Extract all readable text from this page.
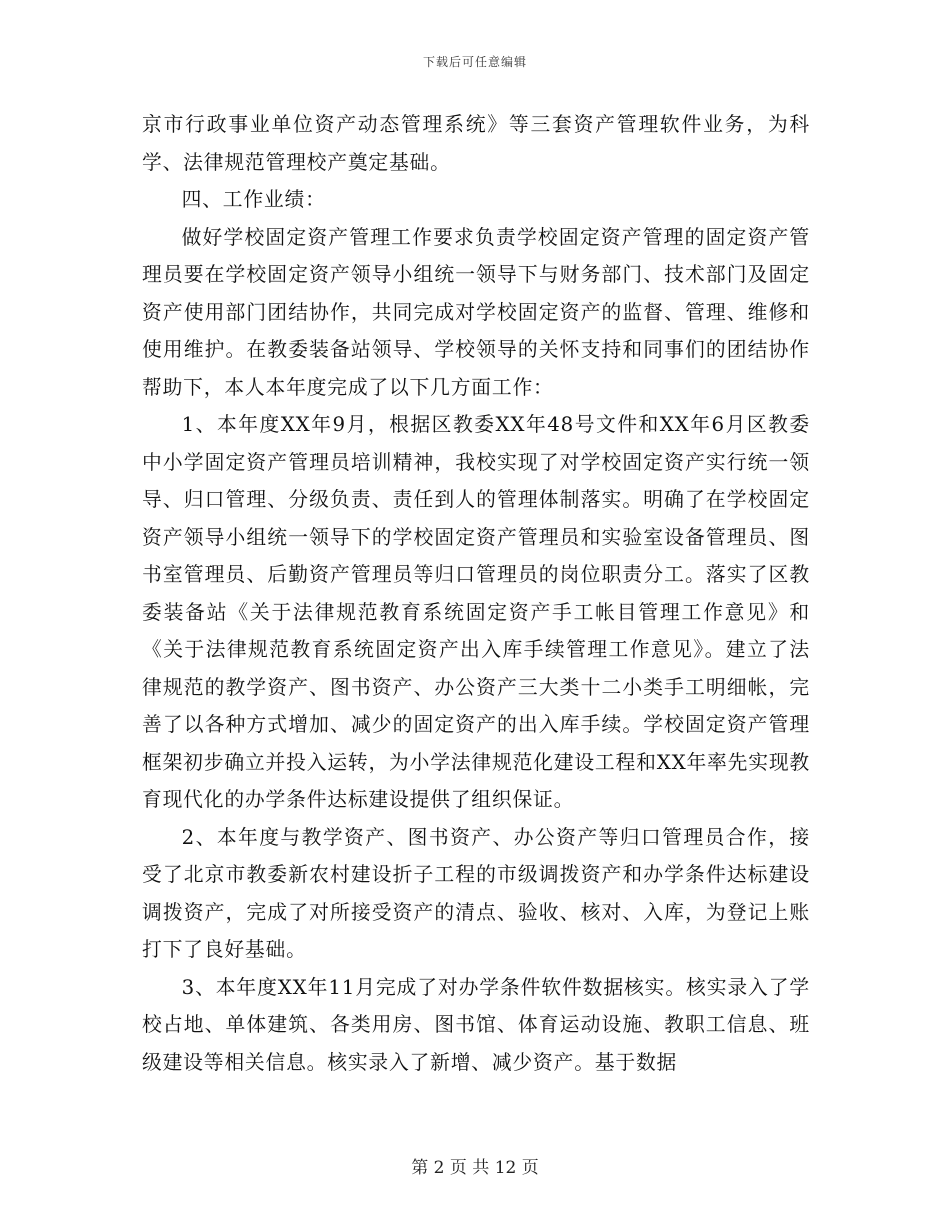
下载后可任意编辑

京市行政事业单位资产动态管理系统》等三套资产管理软件业务，为科学、法律规范管理校产奠定基础。

四、工作业绩：

做好学校固定资产管理工作要求负责学校固定资产管理的固定资产管理员要在学校固定资产领导小组统一领导下与财务部门、技术部门及固定资产使用部门团结协作，共同完成对学校固定资产的监督、管理、维修和使用维护。在教委装备站领导、学校领导的关怀支持和同事们的团结协作帮助下，本人本年度完成了以下几方面工作：

1、本年度XX年9月，根据区教委XX年48号文件和XX年6月区教委中小学固定资产管理员培训精神，我校实现了对学校固定资产实行统一领导、归口管理、分级负责、责任到人的管理体制落实。明确了在学校固定资产领导小组统一领导下的学校固定资产管理员和实验室设备管理员、图书室管理员、后勤资产管理员等归口管理员的岗位职责分工。落实了区教委装备站《关于法律规范教育系统固定资产手工帐目管理工作意见》和《关于法律规范教育系统固定资产出入库手续管理工作意见》。建立了法律规范的教学资产、图书资产、办公资产三大类十二小类手工明细帐，完善了以各种方式增加、减少的固定资产的出入库手续。学校固定资产管理框架初步确立并投入运转，为小学法律规范化建设工程和XX年率先实现教育现代化的办学条件达标建设提供了组织保证。

2、本年度与教学资产、图书资产、办公资产等归口管理员合作，接受了北京市教委新农村建设折子工程的市级调拨资产和办学条件达标建设调拨资产，完成了对所接受资产的清点、验收、核对、入库，为登记上账打下了良好基础。

3、本年度XX年11月完成了对办学条件软件数据核实。核实录入了学校占地、单体建筑、各类用房、图书馆、体育运动设施、教职工信息、班级建设等相关信息。核实录入了新增、减少资产。基于数据

第 2 页 共 12 页
